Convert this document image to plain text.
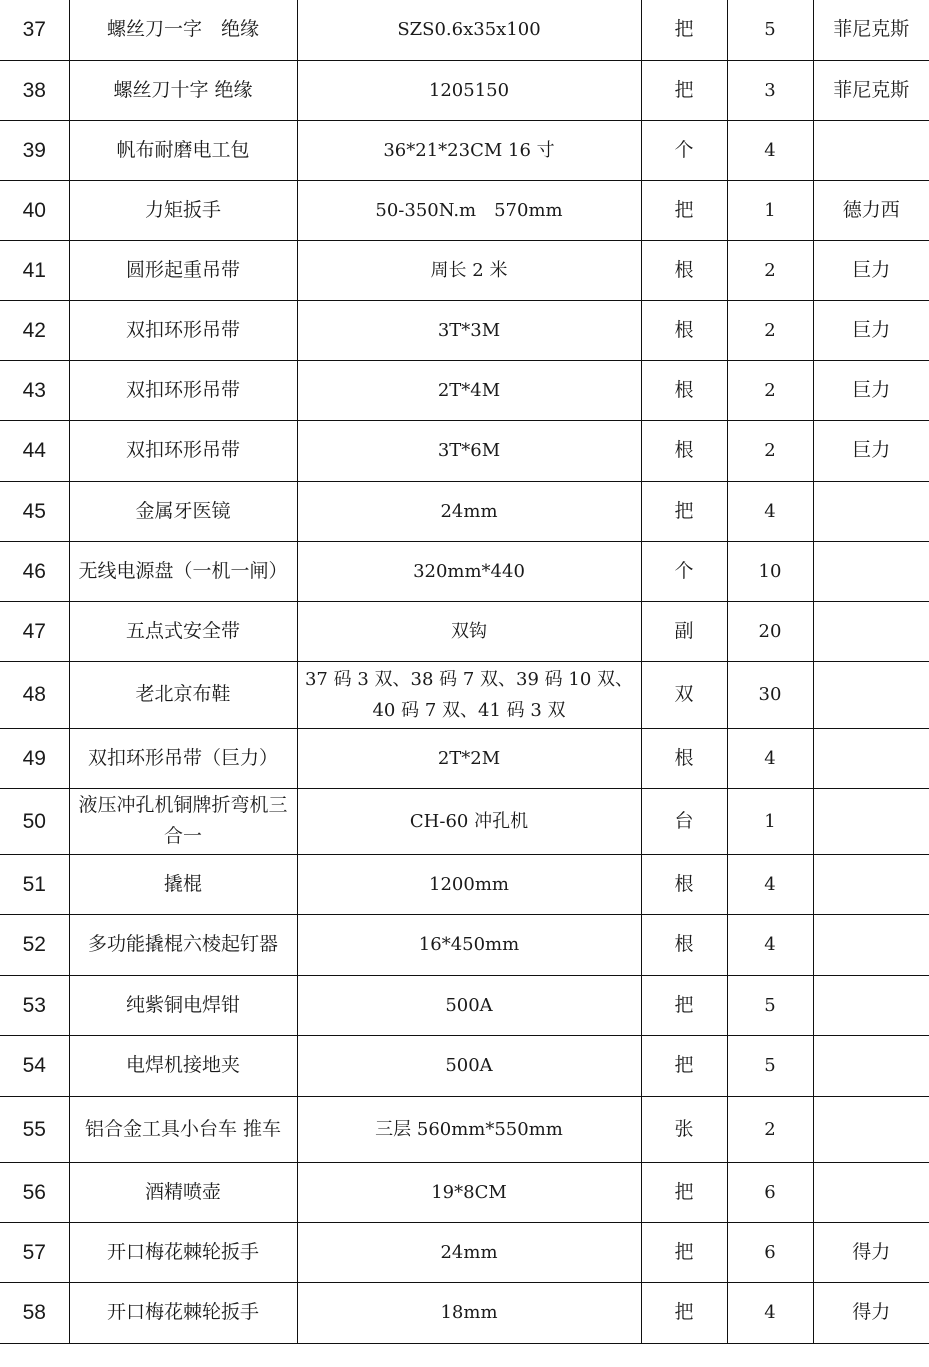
37	螺丝刀一字　绝缘	SZS0.6x35x100	把	5	菲尼克斯
38	螺丝刀十字 绝缘	1205150	把	3	菲尼克斯
39	帆布耐磨电工包	36*21*23CM 16 寸	个	4	
40	力矩扳手	50-350N.m　570mm	把	1	德力西
41	圆形起重吊带	周长 2 米	根	2	巨力
42	双扣环形吊带	3T*3M	根	2	巨力
43	双扣环形吊带	2T*4M	根	2	巨力
44	双扣环形吊带	3T*6M	根	2	巨力
45	金属牙医镜	24mm	把	4	
46	无线电源盘（一机一闸）	320mm*440	个	10	
47	五点式安全带	双钩	副	20	
48	老北京布鞋	37 码 3 双、38 码 7 双、39 码 10 双、40 码 7 双、41 码 3 双	双	30	
49	双扣环形吊带（巨力）	2T*2M	根	4	
50	液压冲孔机铜牌折弯机三合一	CH-60 冲孔机	台	1	
51	撬棍	1200mm	根	4	
52	多功能撬棍六棱起钉器	16*450mm	根	4	
53	纯紫铜电焊钳	500A	把	5	
54	电焊机接地夹	500A	把	5	
55	铝合金工具小台车 推车	三层 560mm*550mm	张	2	
56	酒精喷壶	19*8CM	把	6	
57	开口梅花棘轮扳手	24mm	把	6	得力
58	开口梅花棘轮扳手	18mm	把	4	得力
